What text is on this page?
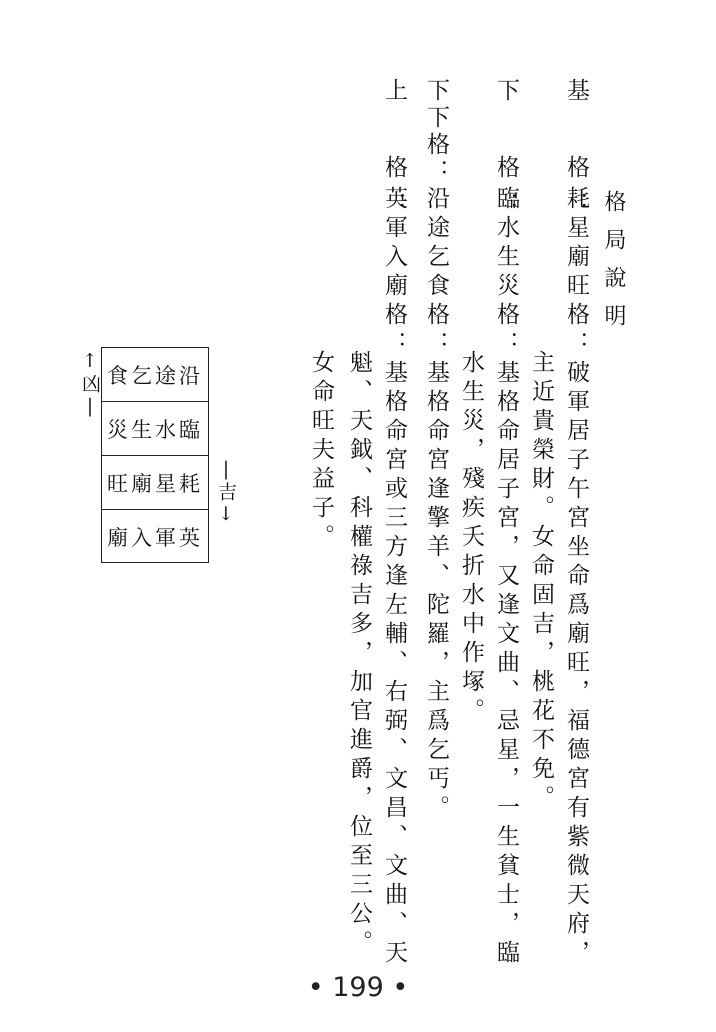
格局說明
基 格：
耗星廟旺格：破軍居子午宮坐命爲廟旺，福德宮有紫微天府，
主近貴榮財。女命固吉，桃花不免。
下 格：
臨水生災格：基格命居子宮，又逢文曲、忌星，一生貧士，臨
水生災，殘疾夭折水中作塚。
下下格：
沿途乞食格：基格命宮逢擎羊、陀羅，主爲乞丐。
上 格：
英軍入廟格：基格命宮或三方逢左輔、右弼、文昌、文曲、天
魁、天鉞、科權祿吉多，加官進爵，位至三公。
女命旺夫益子。
沿途乞食
臨水生災
耗星廟旺
英軍入廟
↑凶|
|吉↓
• 199 •
